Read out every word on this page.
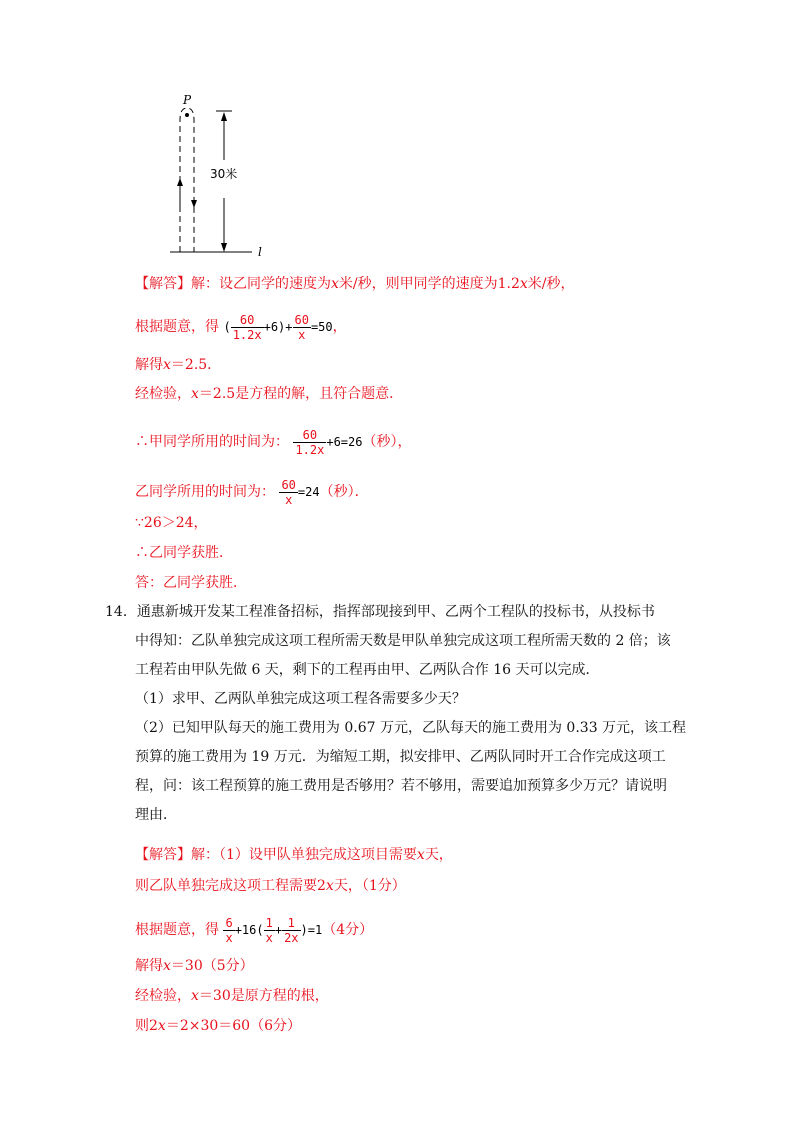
P
30米
l
【解答】解：设乙同学的速度为x米/秒，则甲同学的速度为1.2x米/秒，
根据题意，得 ( $\frac{60}{1.2x} +6)+ \frac{60}{x} =50$，
解得x＝2.5．
经检验，x＝2.5是方程的解，且符合题意．
∴甲同学所用的时间为： $\frac{60}{1.2x} +6=26$（秒），
乙同学所用的时间为： $\frac{60}{x} =24$（秒）．
∵26＞24，
∴乙同学获胜．
答：乙同学获胜．
14．通惠新城开发某工程准备招标，指挥部现接到甲、乙两个工程队的投标书，从投标书
中得知：乙队单独完成这项工程所需天数是甲队单独完成这项工程所需天数的 2 倍；该
工程若由甲队先做 6 天，剩下的工程再由甲、乙两队合作 16 天可以完成．
（1）求甲、乙两队单独完成这项工程各需要多少天？
（2）已知甲队每天的施工费用为 0.67 万元，乙队每天的施工费用为 0.33 万元，该工程
预算的施工费用为 19 万元．为缩短工期，拟安排甲、乙两队同时开工合作完成这项工
程，问：该工程预算的施工费用是否够用？若不够用，需要追加预算多少万元？请说明
理由．
【解答】解：（1）设甲队单独完成这项目需要x天，
则乙队单独完成这项工程需要2x天，（1分）
根据题意，得 $\frac{6}{x} +16( \frac{1}{x} + \frac{1}{2x} )=1(4$分）
解得x＝30（5分）
经检验，x＝30是原方程的根，
则2x＝2×30＝60（6分）
